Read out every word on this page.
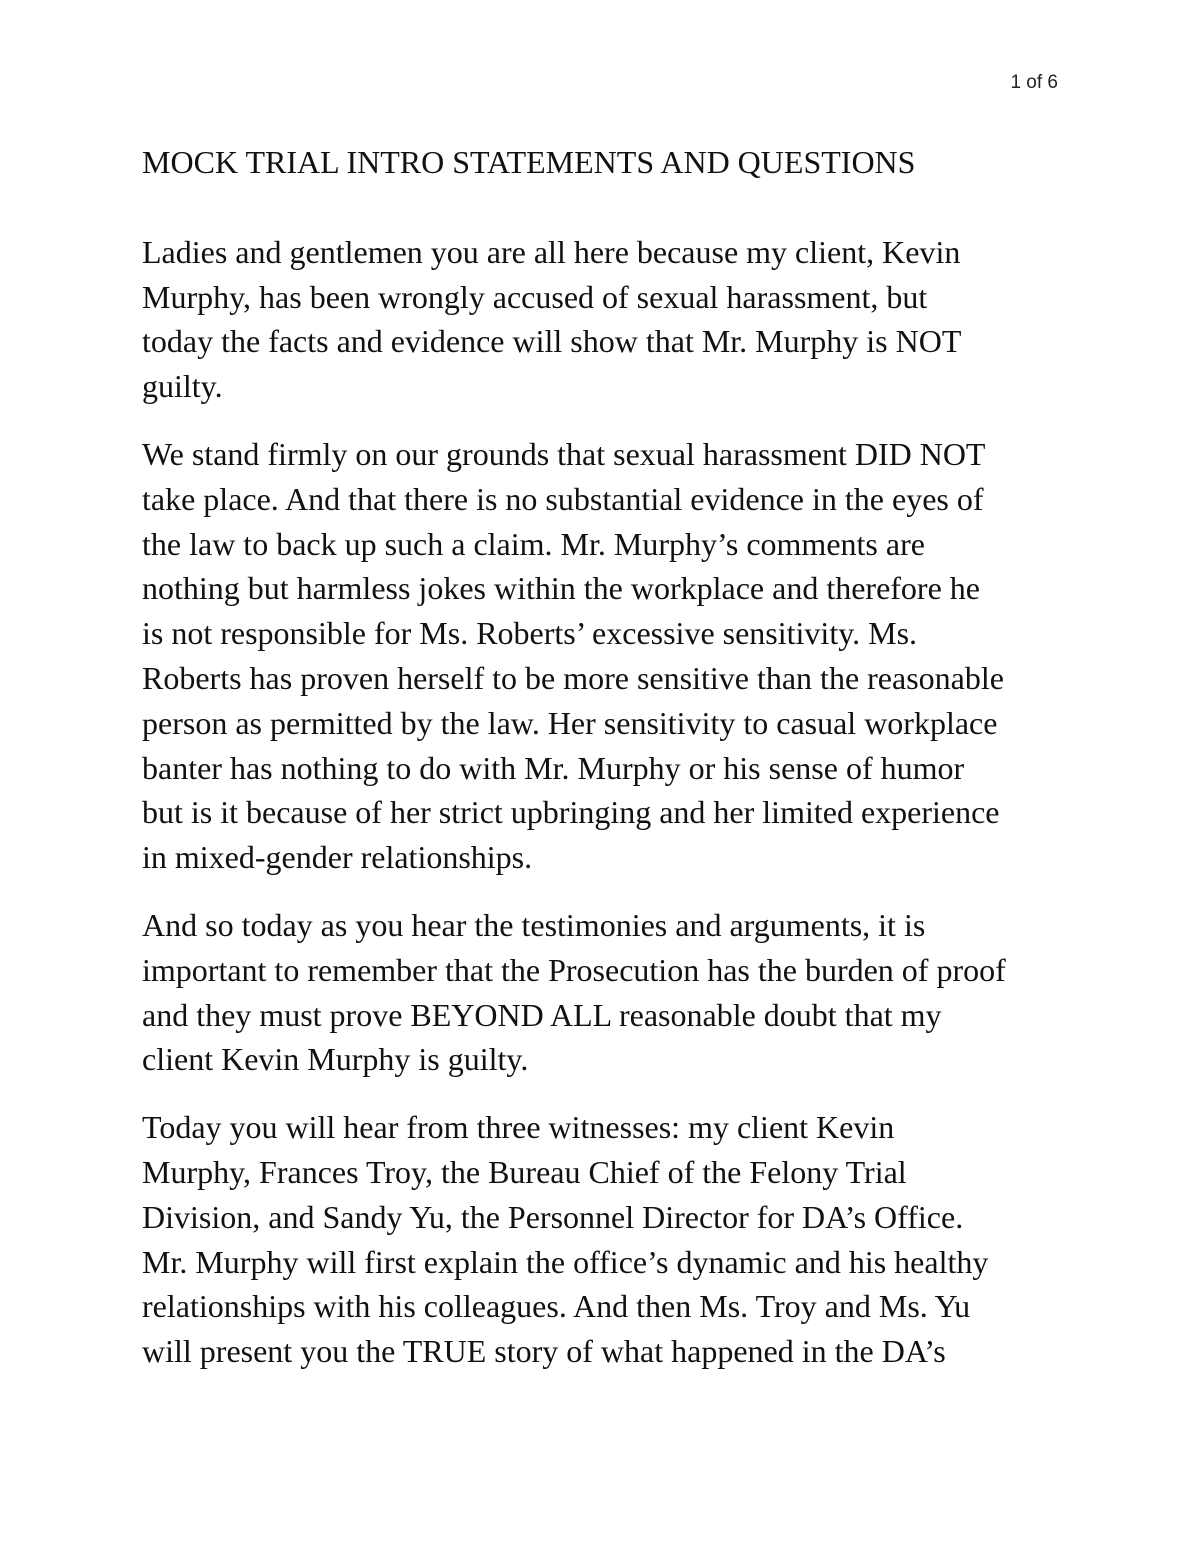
1 of 6
MOCK TRIAL INTRO STATEMENTS AND QUESTIONS
Ladies and gentlemen you are all here because my client, Kevin
Murphy, has been wrongly accused of sexual harassment, but
today the facts and evidence will show that Mr. Murphy is NOT
guilty.
We stand firmly on our grounds that sexual harassment DID NOT
take place. And that there is no substantial evidence in the eyes of
the law to back up such a claim. Mr. Murphy’s comments are
nothing but harmless jokes within the workplace and therefore he
is not responsible for Ms. Roberts’ excessive sensitivity. Ms.
Roberts has proven herself to be more sensitive than the reasonable
person as permitted by the law. Her sensitivity to casual workplace
banter has nothing to do with Mr. Murphy or his sense of humor
but is it because of her strict upbringing and her limited experience
in mixed-gender relationships.
And so today as you hear the testimonies and arguments, it is
important to remember that the Prosecution has the burden of proof
and they must prove BEYOND ALL reasonable doubt that my
client Kevin Murphy is guilty.
Today you will hear from three witnesses: my client Kevin
Murphy, Frances Troy, the Bureau Chief of the Felony Trial
Division, and Sandy Yu, the Personnel Director for DA’s Office.
Mr. Murphy will first explain the office’s dynamic and his healthy
relationships with his colleagues. And then Ms. Troy and Ms. Yu
will present you the TRUE story of what happened in the DA’s
